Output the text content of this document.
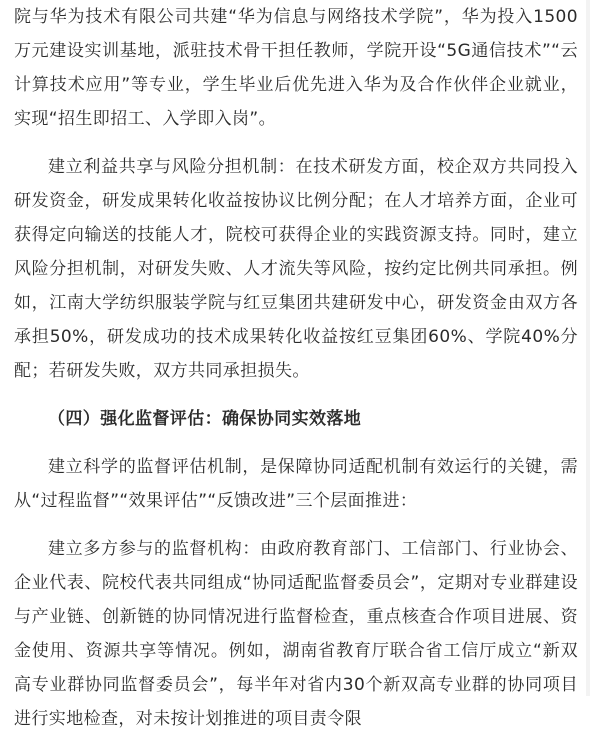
院与华为技术有限公司共建“华为信息与网络技术学院”，华为投入1500万元建设实训基地，派驻技术骨干担任教师，学院开设“5G通信技术”“云计算技术应用”等专业，学生毕业后优先进入华为及合作伙伴企业就业，实现“招生即招工、入学即入岗”。

建立利益共享与风险分担机制：在技术研发方面，校企双方共同投入研发资金，研发成果转化收益按协议比例分配；在人才培养方面，企业可获得定向输送的技能人才，院校可获得企业的实践资源支持。同时，建立风险分担机制，对研发失败、人才流失等风险，按约定比例共同承担。例如，江南大学纺织服装学院与红豆集团共建研发中心，研发资金由双方各承担50%，研发成功的技术成果转化收益按红豆集团60%、学院40%分配；若研发失败，双方共同承担损失。

（四）强化监督评估：确保协同实效落地

建立科学的监督评估机制，是保障协同适配机制有效运行的关键，需从“过程监督”“效果评估”“反馈改进”三个层面推进：

建立多方参与的监督机构：由政府教育部门、工信部门、行业协会、企业代表、院校代表共同组成“协同适配监督委员会”，定期对专业群建设与产业链、创新链的协同情况进行监督检查，重点核查合作项目进展、资金使用、资源共享等情况。例如，湖南省教育厅联合省工信厅成立“新双高专业群协同监督委员会”，每半年对省内30个新双高专业群的协同项目进行实地检查，对未按计划推进的项目责令限
